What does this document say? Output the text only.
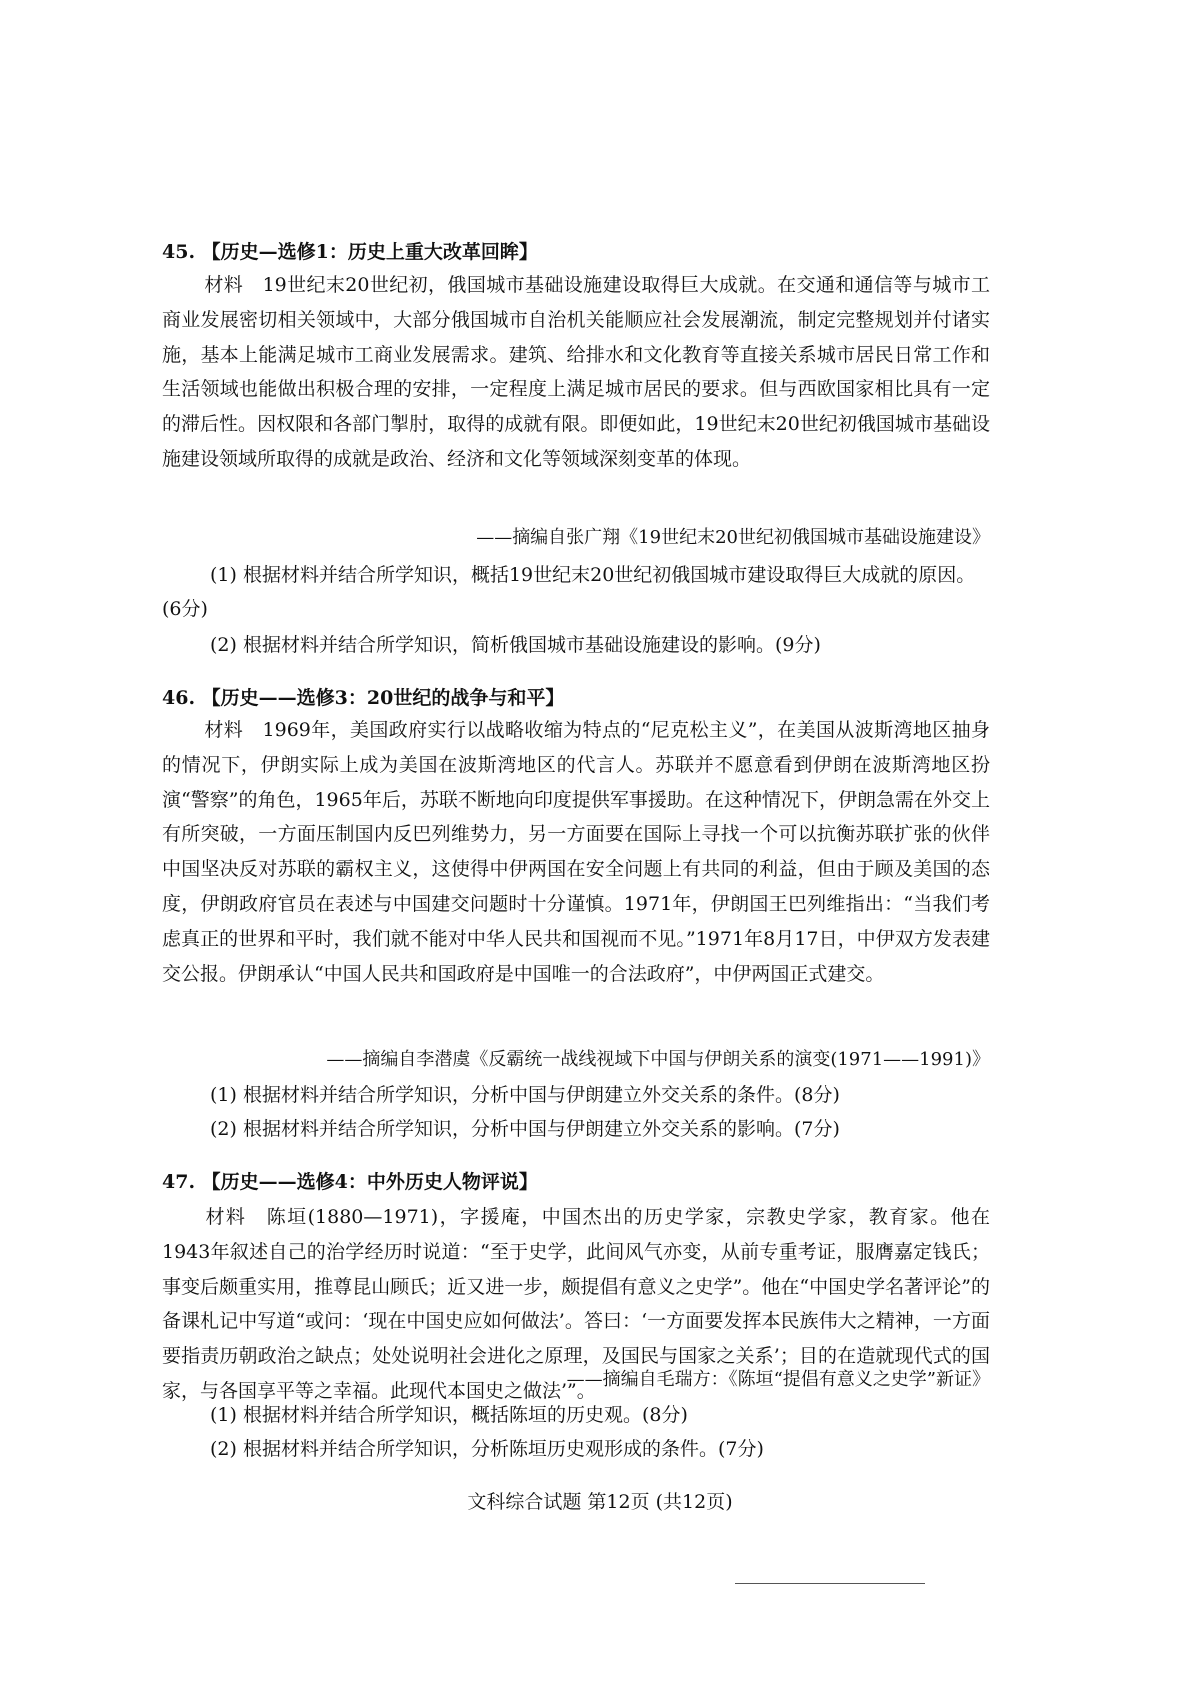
45. 【历史—选修1：历史上重大改革回眸】
材料　19世纪末20世纪初，俄国城市基础设施建设取得巨大成就。在交通和通信等与城市工商业发展密切相关领域中，大部分俄国城市自治机关能顺应社会发展潮流，制定完整规划并付诸实施，基本上能满足城市工商业发展需求。建筑、给排水和文化教育等直接关系城市居民日常工作和生活领域也能做出积极合理的安排，一定程度上满足城市居民的要求。但与西欧国家相比具有一定的滞后性。因权限和各部门掣肘，取得的成就有限。即便如此，19世纪末20世纪初俄国城市基础设施建设领域所取得的成就是政治、经济和文化等领域深刻变革的体现。
——摘编自张广翔《19世纪末20世纪初俄国城市基础设施建设》
(1) 根据材料并结合所学知识，概括19世纪末20世纪初俄国城市建设取得巨大成就的原因。(6分)
(2) 根据材料并结合所学知识，简析俄国城市基础设施建设的影响。(9分)
46. 【历史——选修3：20世纪的战争与和平】
材料　1969年，美国政府实行以战略收缩为特点的“尼克松主义”，在美国从波斯湾地区抽身的情况下，伊朗实际上成为美国在波斯湾地区的代言人。苏联并不愿意看到伊朗在波斯湾地区扮演“警察”的角色，1965年后，苏联不断地向印度提供军事援助。在这种情况下，伊朗急需在外交上有所突破，一方面压制国内反巴列维势力，另一方面要在国际上寻找一个可以抗衡苏联扩张的伙伴 中国坚决反对苏联的霸权主义，这使得中伊两国在安全问题上有共同的利益，但由于顾及美国的态度，伊朗政府官员在表述与中国建交问题时十分谨慎。1971年，伊朗国王巴列维指出：“当我们考虑真正的世界和平时，我们就不能对中华人民共和国视而不见。”1971年8月17日，中伊双方发表建交公报。伊朗承认“中国人民共和国政府是中国唯一的合法政府”，中伊两国正式建交。
——摘编自李潜虞《反霸统一战线视域下中国与伊朗关系的演变(1971——1991)》
(1) 根据材料并结合所学知识，分析中国与伊朗建立外交关系的条件。(8分)
(2) 根据材料并结合所学知识，分析中国与伊朗建立外交关系的影响。(7分)
47. 【历史——选修4：中外历史人物评说】
材料　陈垣(1880—1971)，字援庵，中国杰出的历史学家，宗教史学家，教育家。他在1943年叙述自己的治学经历时说道：“至于史学，此间风气亦变，从前专重考证，服膺嘉定钱氏；事变后颇重实用，推尊昆山顾氏；近又进一步，颇提倡有意义之史学”。他在“中国史学名著评论”的备课札记中写道“或问：‘现在中国史应如何做法’。答曰：‘一方面要发挥本民族伟大之精神，一方面要指责历朝政治之缺点；处处说明社会进化之原理，及国民与国家之关系’；目的在造就现代式的国家，与各国享平等之幸福。此现代本国史之做法’”。
——摘编自毛瑞方：《陈垣“提倡有意义之史学”新证》
(1) 根据材料并结合所学知识，概括陈垣的历史观。(8分)
(2) 根据材料并结合所学知识，分析陈垣历史观形成的条件。(7分)
文科综合试题 第12页 (共12页)
